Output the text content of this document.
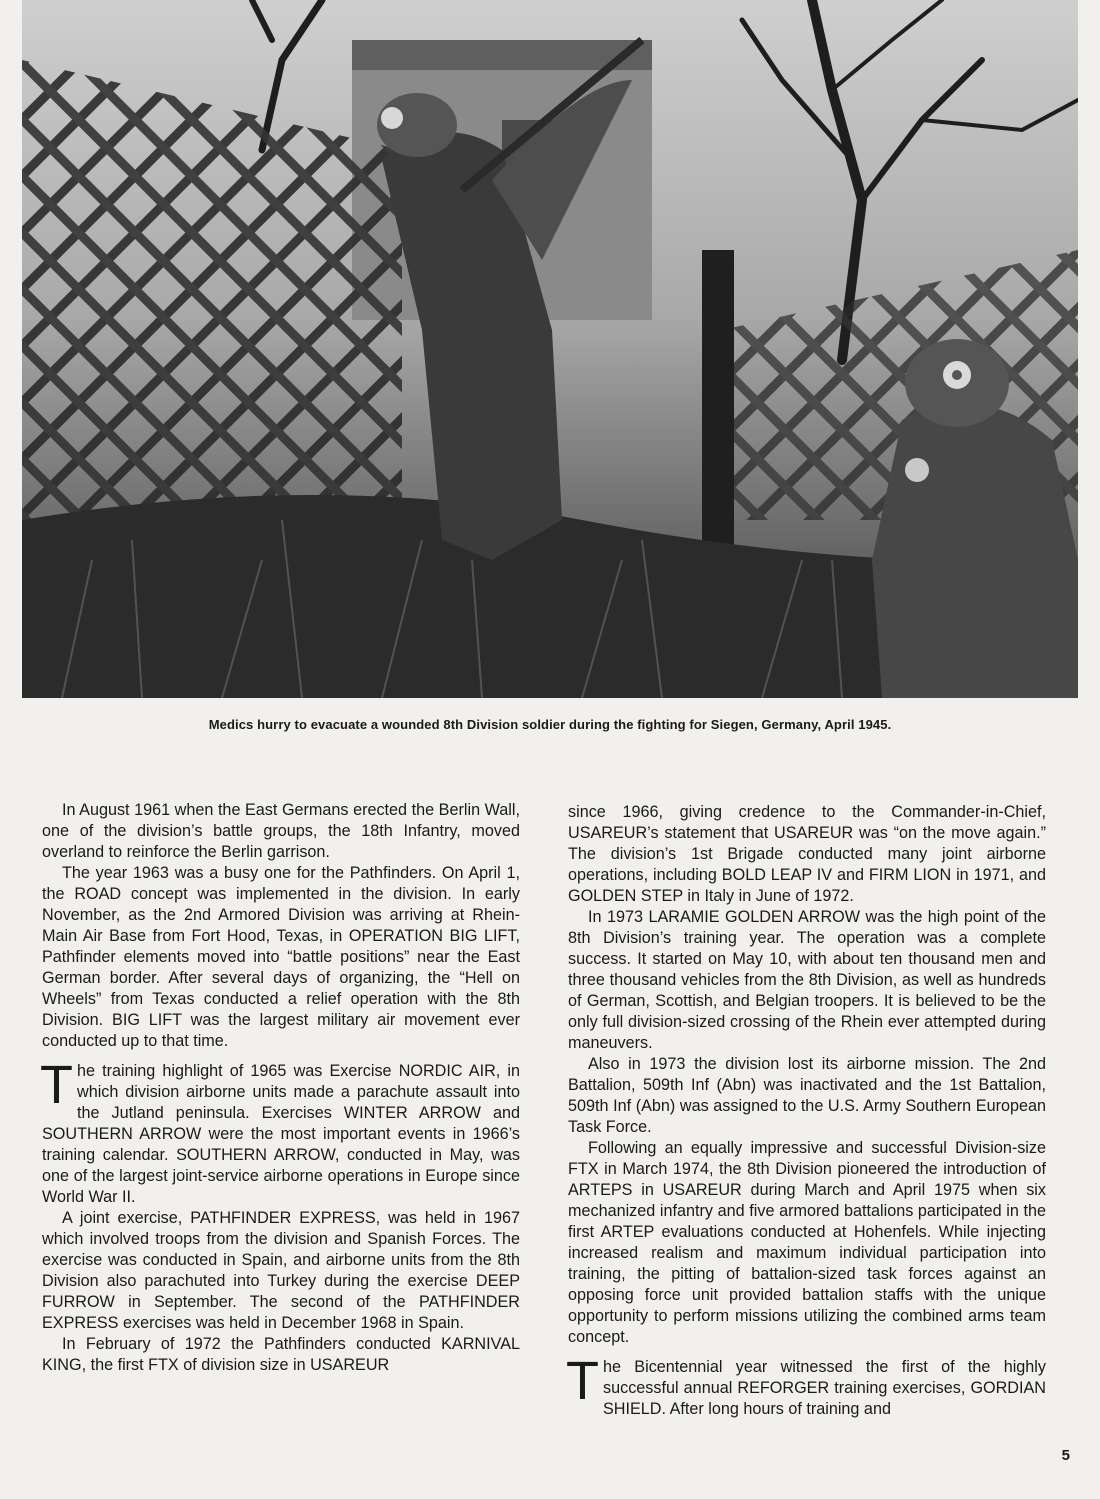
Medics hurry to evacuate a wounded 8th Division soldier during the fighting for Siegen, Germany, April 1945.

In August 1961 when the East Germans erected the Berlin Wall, one of the division’s battle groups, the 18th Infantry, moved overland to reinforce the Berlin garrison.

The year 1963 was a busy one for the Pathfinders. On April 1, the ROAD concept was implemented in the division. In early November, as the 2nd Armored Division was arriving at Rhein-Main Air Base from Fort Hood, Texas, in OPERATION BIG LIFT, Pathfinder elements moved into “battle positions” near the East German border. After several days of organizing, the “Hell on Wheels” from Texas conducted a relief operation with the 8th Division. BIG LIFT was the largest military air movement ever conducted up to that time.

The training highlight of 1965 was Exercise NORDIC AIR, in which division airborne units made a parachute assault into the Jutland peninsula. Exercises WINTER ARROW and SOUTHERN ARROW were the most important events in 1966’s training calendar. SOUTHERN ARROW, conducted in May, was one of the largest joint-service airborne operations in Europe since World War II.

A joint exercise, PATHFINDER EXPRESS, was held in 1967 which involved troops from the division and Spanish Forces. The exercise was conducted in Spain, and airborne units from the 8th Division also parachuted into Turkey during the exercise DEEP FURROW in September. The second of the PATHFINDER EXPRESS exercises was held in December 1968 in Spain.

In February of 1972 the Pathfinders conducted KARNIVAL KING, the first FTX of division size in USAREUR

since 1966, giving credence to the Commander-in-Chief, USAREUR’s statement that USAREUR was “on the move again.” The division’s 1st Brigade conducted many joint airborne operations, including BOLD LEAP IV and FIRM LION in 1971, and GOLDEN STEP in Italy in June of 1972.

In 1973 LARAMIE GOLDEN ARROW was the high point of the 8th Division’s training year. The operation was a complete success. It started on May 10, with about ten thousand men and three thousand vehicles from the 8th Division, as well as hundreds of German, Scottish, and Belgian troopers. It is believed to be the only full division-sized crossing of the Rhein ever attempted during maneuvers.

Also in 1973 the division lost its airborne mission. The 2nd Battalion, 509th Inf (Abn) was inactivated and the 1st Battalion, 509th Inf (Abn) was assigned to the U.S. Army Southern European Task Force.

Following an equally impressive and successful Division-size FTX in March 1974, the 8th Division pioneered the introduction of ARTEPS in USAREUR during March and April 1975 when six mechanized infantry and five armored battalions participated in the first ARTEP evaluations conducted at Hohenfels. While injecting increased realism and maximum individual participation into training, the pitting of battalion-sized task forces against an opposing force unit provided battalion staffs with the unique opportunity to perform missions utilizing the combined arms team concept.

The Bicentennial year witnessed the first of the highly successful annual REFORGER training exercises, GORDIAN SHIELD. After long hours of training and

5
